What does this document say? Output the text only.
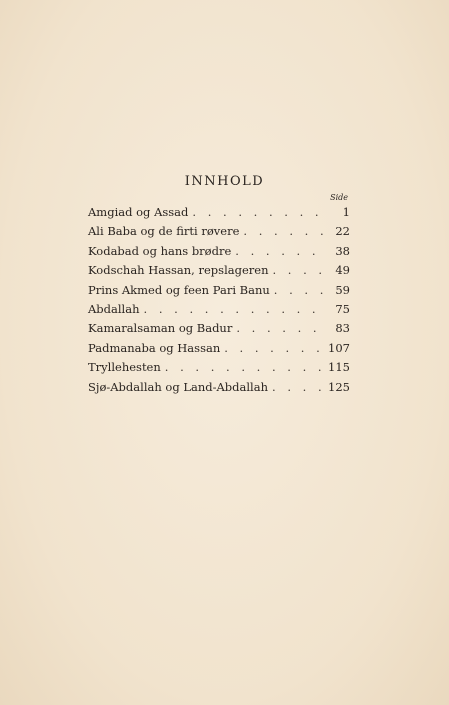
INNHOLD
Side
Amgiad og Assad . . .	1
Ali Baba og de firti røvere . . .	22
Kodabad og hans brødre . . .	38
Kodschah Hassan, repslageren . . .	49
Prins Akmed og feen Pari Banu . . .	59
Abdallah . . .	75
Kamaralsaman og Badur . . .	83
Padmanaba og Hassan . . .	107
Tryllehesten . . .	115
Sjø-Abdallah og Land-Abdallah . . .	125
